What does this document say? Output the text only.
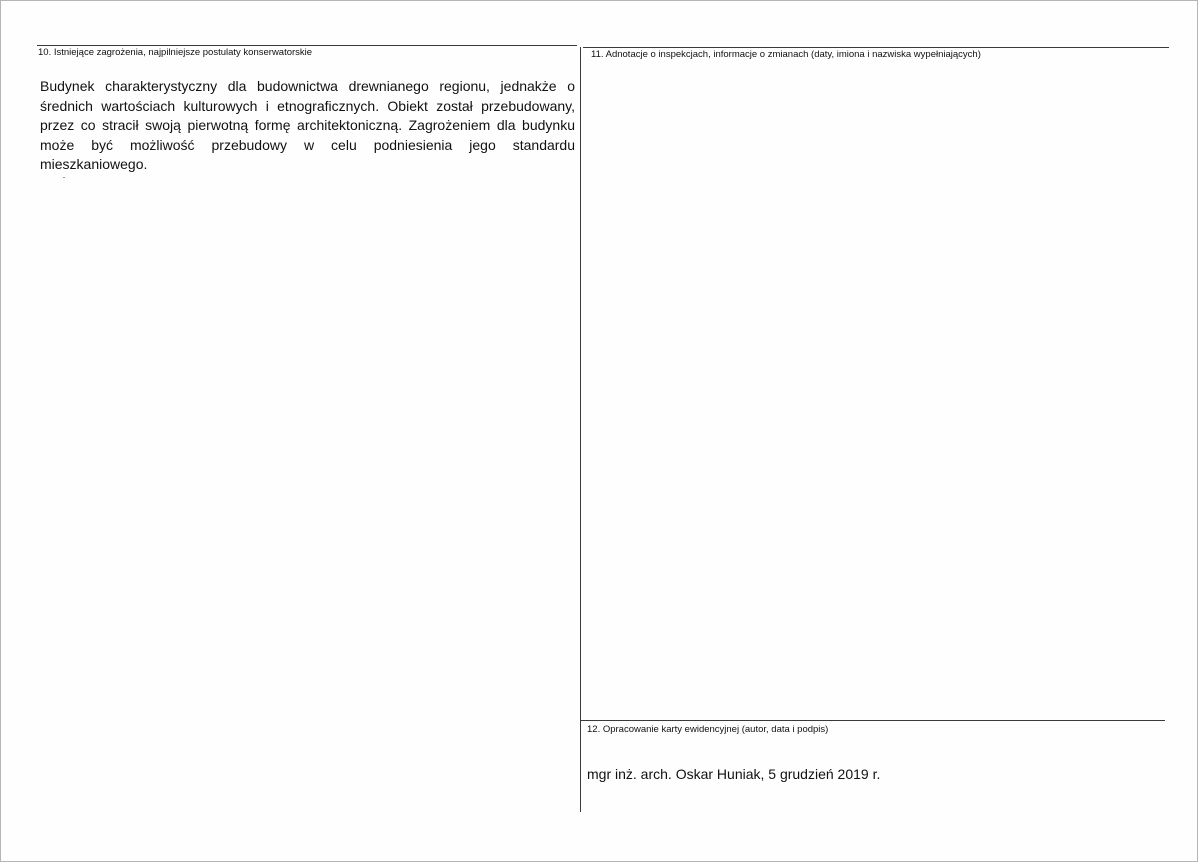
10. Istniejące zagrożenia, najpilniejsze postulaty konserwatorskie
Budynek charakterystyczny dla budownictwa drewnianego regionu, jednakże o średnich wartościach kulturowych i etnograficznych. Obiekt został przebudowany, przez co stracił swoją pierwotną formę architektoniczną. Zagrożeniem dla budynku może być możliwość przebudowy w celu podniesienia jego standardu mieszkaniowego.
11. Adnotacje o inspekcjach, informacje o zmianach (daty, imiona i nazwiska wypełniających)
12. Opracowanie karty ewidencyjnej (autor, data i podpis)
mgr inż. arch. Oskar Huniak, 5 grudzień 2019 r.
